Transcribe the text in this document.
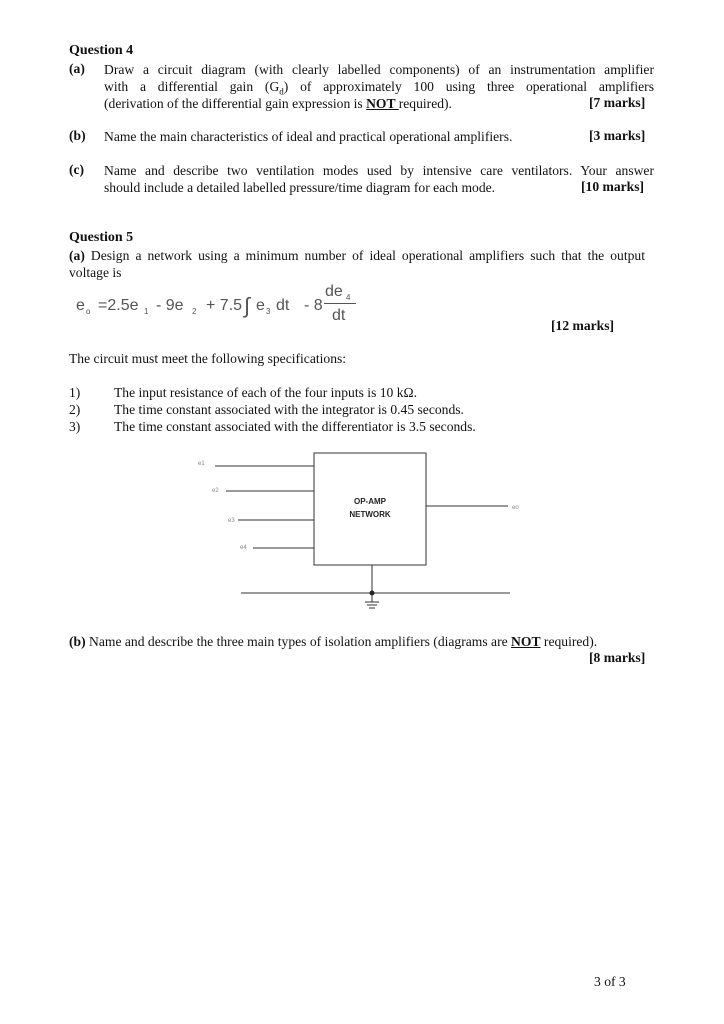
Question 4
(a) Draw a circuit diagram (with clearly labelled components) of an instrumentation amplifier
with a differential gain $(G_d)$ of approximately 100 using three operational amplifiers
(derivation of the differential gain expression is NOT required).	[7 marks]
(b) Name the main characteristics of ideal and practical operational amplifiers.	[3 marks]
(c) Name and describe two ventilation modes used by intensive care ventilators. Your answer
should include a detailed labelled pressure/time diagram for each mode.	[10 marks]
Question 5
(a) Design a network using a minimum number of ideal operational amplifiers such that the output
voltage is
e o =2.5e 1 - 9e 2 + 7.5 ∫ e 3 dt - 8
de 4
dt
[12 marks]
The circuit must meet the following specifications:
1) The input resistance of each of the four inputs is 10 kΩ.
2) The time constant associated with the integrator is 0.45 seconds.
3) The time constant associated with the differentiator is 3.5 seconds.
OP-AMP
NETWORK
e1
e2
e3
e4
eo
(b) Name and describe the three main types of isolation amplifiers (diagrams are NOT required).
[8 marks]
3 of 3
